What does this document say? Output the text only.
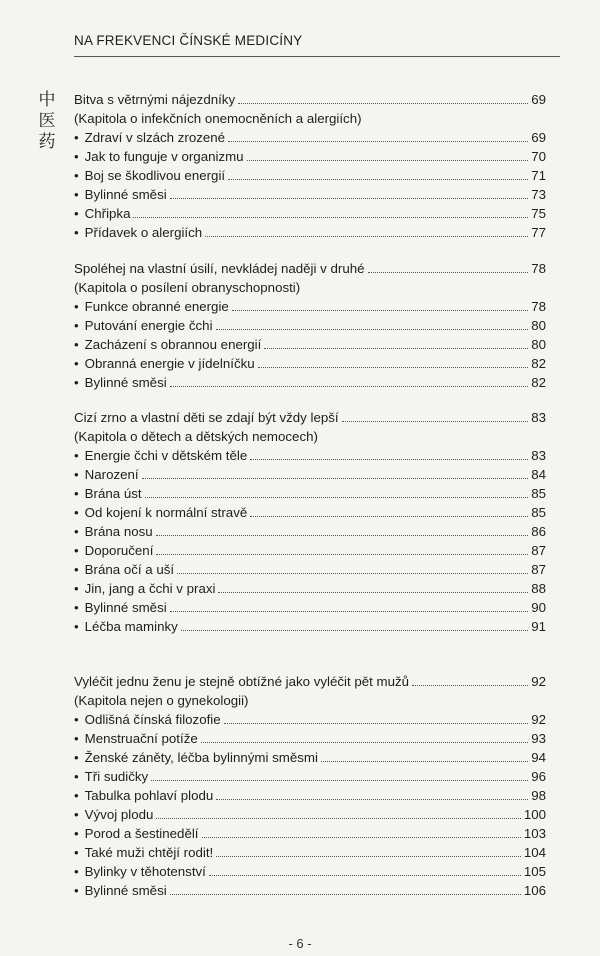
NA FREKVENCI ČÍNSKÉ MEDICÍNY
中
医
药
Bitva s větrnými nájezdníky	69
(Kapitola o infekčních onemocněních a alergiích)
• Zdraví v slzách zrozené	69
• Jak to funguje v organizmu	70
• Boj se škodlivou energií	71
• Bylinné směsi	73
• Chřipka	75
• Přídavek o alergiích	77
Spoléhej na vlastní úsilí, nevkládej naději v druhé	78
(Kapitola o posílení obranyschopnosti)
• Funkce obranné energie	78
• Putování energie čchi	80
• Zacházení s obrannou energií	80
• Obranná energie v jídelníčku	82
• Bylinné směsi	82
Cizí zrno a vlastní děti se zdají být vždy lepší	83
(Kapitola o dětech a dětských nemocech)
• Energie čchi v dětském těle	83
• Narození	84
• Brána úst	85
• Od kojení k normální stravě	85
• Brána nosu	86
• Doporučení	87
• Brána očí a uší	87
• Jin, jang a čchi v praxi	88
• Bylinné směsi	90
• Léčba maminky	91
Vyléčit jednu ženu je stejně obtížné jako vyléčit pět mužů	92
(Kapitola nejen o gynekologii)
• Odlišná čínská filozofie	92
• Menstruační potíže	93
• Ženské záněty, léčba bylinnými směsmi	94
• Tři sudičky	96
• Tabulka pohlaví plodu	98
• Vývoj plodu	100
• Porod a šestinedělí	103
• Také muži chtějí rodit!	104
• Bylinky v těhotenství	105
• Bylinné směsi	106
- 6 -
